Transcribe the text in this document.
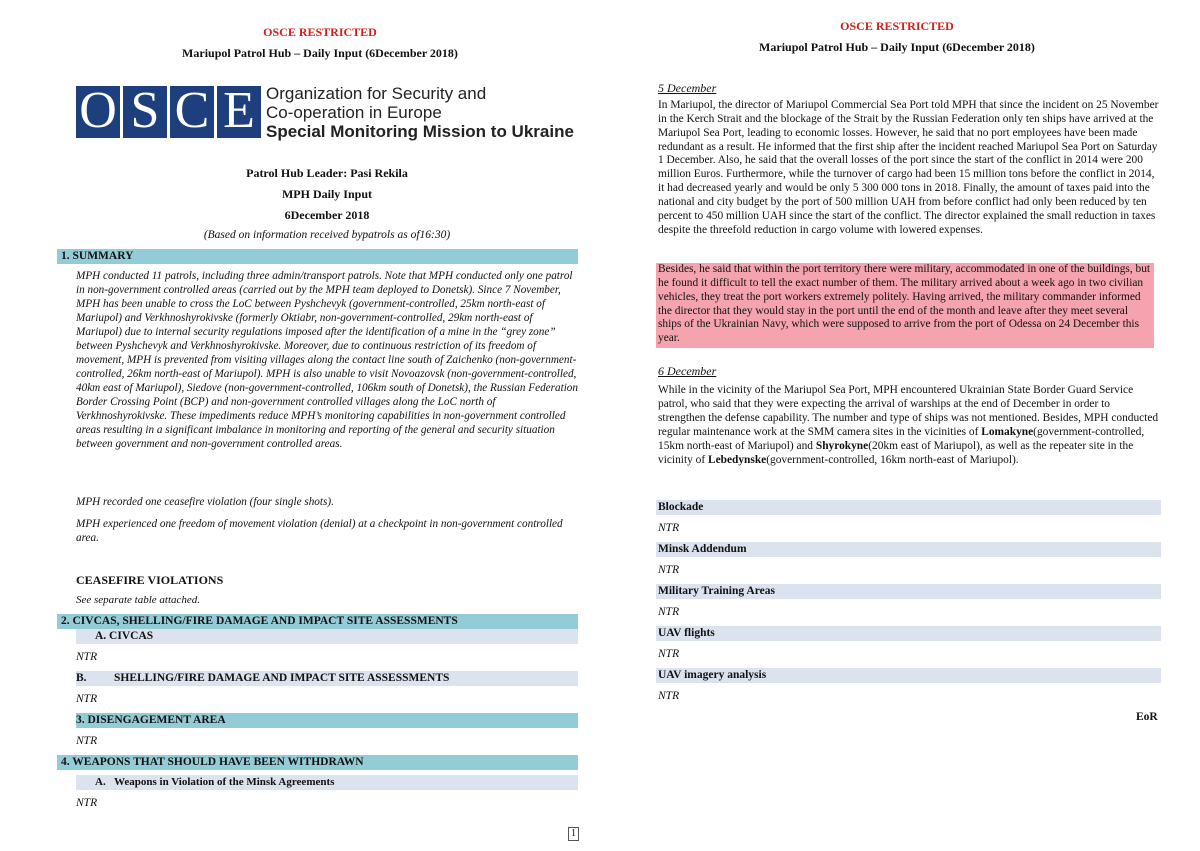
OSCE RESTRICTED
Mariupol Patrol Hub – Daily Input (6December 2018)
O S C E Organization for Security and
Co-operation in Europe
Special Monitoring Mission to Ukraine
Patrol Hub Leader: Pasi Rekila
MPH Daily Input
6December 2018
(Based on information received bypatrols as of16:30)
1. SUMMARY
MPH conducted 11 patrols, including three admin/transport patrols. Note that MPH conducted only one patrol in non-government controlled areas (carried out by the MPH team deployed to Donetsk). Since 7 November, MPH has been unable to cross the LoC between Pyshchevyk (government-controlled, 25km north-east of Mariupol) and Verkhnoshyrokivske (formerly Oktiabr, non-government-controlled, 29km north-east of Mariupol) due to internal security regulations imposed after the identification of a mine in the “grey zone” between Pyshchevyk and Verkhnoshyrokivske. Moreover, due to continuous restriction of its freedom of movement, MPH is prevented from visiting villages along the contact line south of Zaichenko (non-government-controlled, 26km north-east of Mariupol). MPH is also unable to visit Novoazovsk (non-government-controlled, 40km east of Mariupol), Siedove (non-government-controlled, 106km south of Donetsk), the Russian Federation Border Crossing Point (BCP) and non-government controlled villages along the LoC north of Verkhnoshyrokivske. These impediments reduce MPH’s monitoring capabilities in non-government controlled areas resulting in a significant imbalance in monitoring and reporting of the general and security situation between government and non-government controlled areas.
MPH recorded one ceasefire violation (four single shots).
MPH experienced one freedom of movement violation (denial) at a checkpoint in non-government controlled area.
CEASEFIRE VIOLATIONS
See separate table attached.
2. CIVCAS, SHELLING/FIRE DAMAGE AND IMPACT SITE ASSESSMENTS
A. CIVCAS
NTR
B. SHELLING/FIRE DAMAGE AND IMPACT SITE ASSESSMENTS
NTR
3. DISENGAGEMENT AREA
NTR
4. WEAPONS THAT SHOULD HAVE BEEN WITHDRAWN
A. Weapons in Violation of the Minsk Agreements
NTR
1
OSCE RESTRICTED
Mariupol Patrol Hub – Daily Input (6December 2018)
5 December
In Mariupol, the director of Mariupol Commercial Sea Port told MPH that since the incident on 25 November in the Kerch Strait and the blockage of the Strait by the Russian Federation only ten ships have arrived at the Mariupol Sea Port, leading to economic losses. However, he said that no port employees have been made redundant as a result. He informed that the first ship after the incident reached Mariupol Sea Port on Saturday 1 December. Also, he said that the overall losses of the port since the start of the conflict in 2014 were 200 million Euros. Furthermore, while the turnover of cargo had been 15 million tons before the conflict in 2014, it had decreased yearly and would be only 5 300 000 tons in 2018. Finally, the amount of taxes paid into the national and city budget by the port of 500 million UAH from before conflict had only been reduced by ten percent to 450 million UAH since the start of the conflict. The director explained the small reduction in taxes despite the threefold reduction in cargo volume with lowered expenses.
Besides, he said that within the port territory there were military, accommodated in one of the buildings, but he found it difficult to tell the exact number of them. The military arrived about a week ago in two civilian vehicles, they treat the port workers extremely politely. Having arrived, the military commander informed the director that they would stay in the port until the end of the month and leave after they meet several ships of the Ukrainian Navy, which were supposed to arrive from the port of Odessa on 24 December this year.
6 December
While in the vicinity of the Mariupol Sea Port, MPH encountered Ukrainian State Border Guard Service patrol, who said that they were expecting the arrival of warships at the end of December in order to strengthen the defense capability. The number and type of ships was not mentioned. Besides, MPH conducted regular maintenance work at the SMM camera sites in the vicinities of Lomakyne(government-controlled, 15km north-east of Mariupol) and Shyrokyne(20km east of Mariupol), as well as the repeater site in the vicinity of Lebedynske(government-controlled, 16km north-east of Mariupol).
Blockade
NTR
Minsk Addendum
NTR
Military Training Areas
NTR
UAV flights
NTR
UAV imagery analysis
NTR
EoR
